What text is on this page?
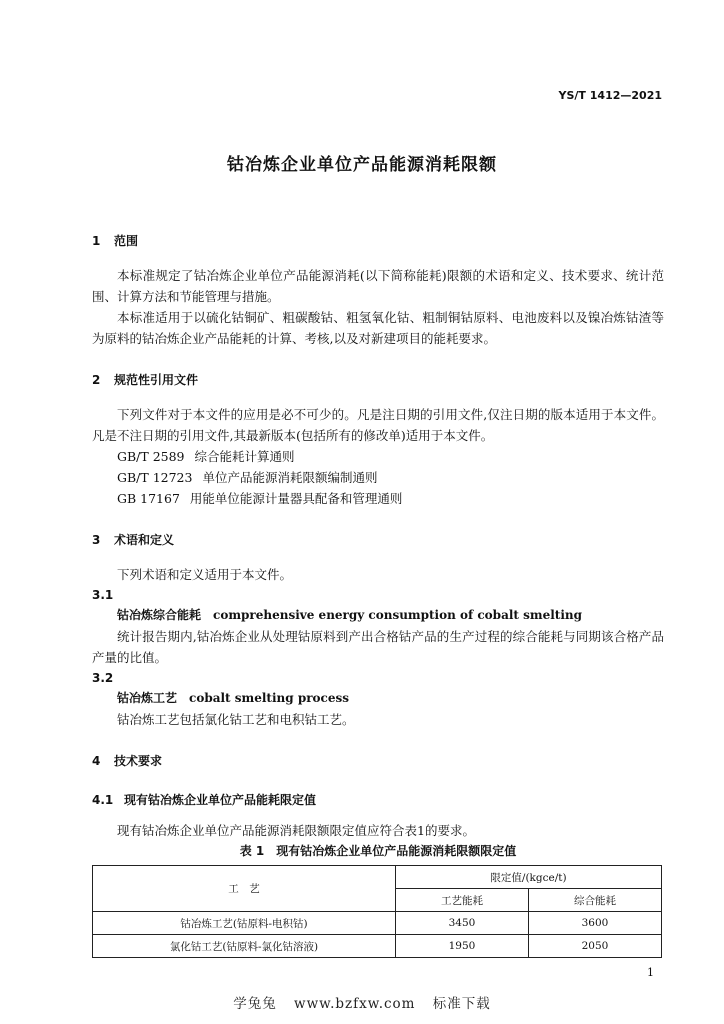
YS/T 1412—2021
钴冶炼企业单位产品能源消耗限额
1 范围

本标准规定了钴冶炼企业单位产品能源消耗(以下简称能耗)限额的术语和定义、技术要求、统计范围、计算方法和节能管理与措施。

本标准适用于以硫化钴铜矿、粗碳酸钴、粗氢氧化钴、粗制铜钴原料、电池废料以及镍冶炼钴渣等为原料的钴冶炼企业产品能耗的计算、考核,以及对新建项目的能耗要求。

2 规范性引用文件

下列文件对于本文件的应用是必不可少的。凡是注日期的引用文件,仅注日期的版本适用于本文件。凡是不注日期的引用文件,其最新版本(包括所有的修改单)适用于本文件。

GB/T 2589 综合能耗计算通则
GB/T 12723 单位产品能源消耗限额编制通则
GB 17167 用能单位能源计量器具配备和管理通则
3 术语和定义

下列术语和定义适用于本文件。

3.1
钴冶炼综合能耗 comprehensive energy consumption of cobalt smelting

统计报告期内,钴冶炼企业从处理钴原料到产出合格钴产品的生产过程的综合能耗与同期该合格产品产量的比值。

3.2
钴冶炼工艺 cobalt smelting process

钴冶炼工艺包括氯化钴工艺和电积钴工艺。

4 技术要求
4.1 现有钴冶炼企业单位产品能耗限定值

现有钴冶炼企业单位产品能源消耗限额限定值应符合表1的要求。

表 1 现有钴冶炼企业单位产品能源消耗限额限定值
工　艺	限定值/(kgce/t)	
	工艺能耗	综合能耗
钴冶炼工艺(钴原料-电积钴)	3450	3600
氯化钴工艺(钴原料-氯化钴溶液)	1950	2050
1
学兔兔 www.bzfxw.com 标准下载
